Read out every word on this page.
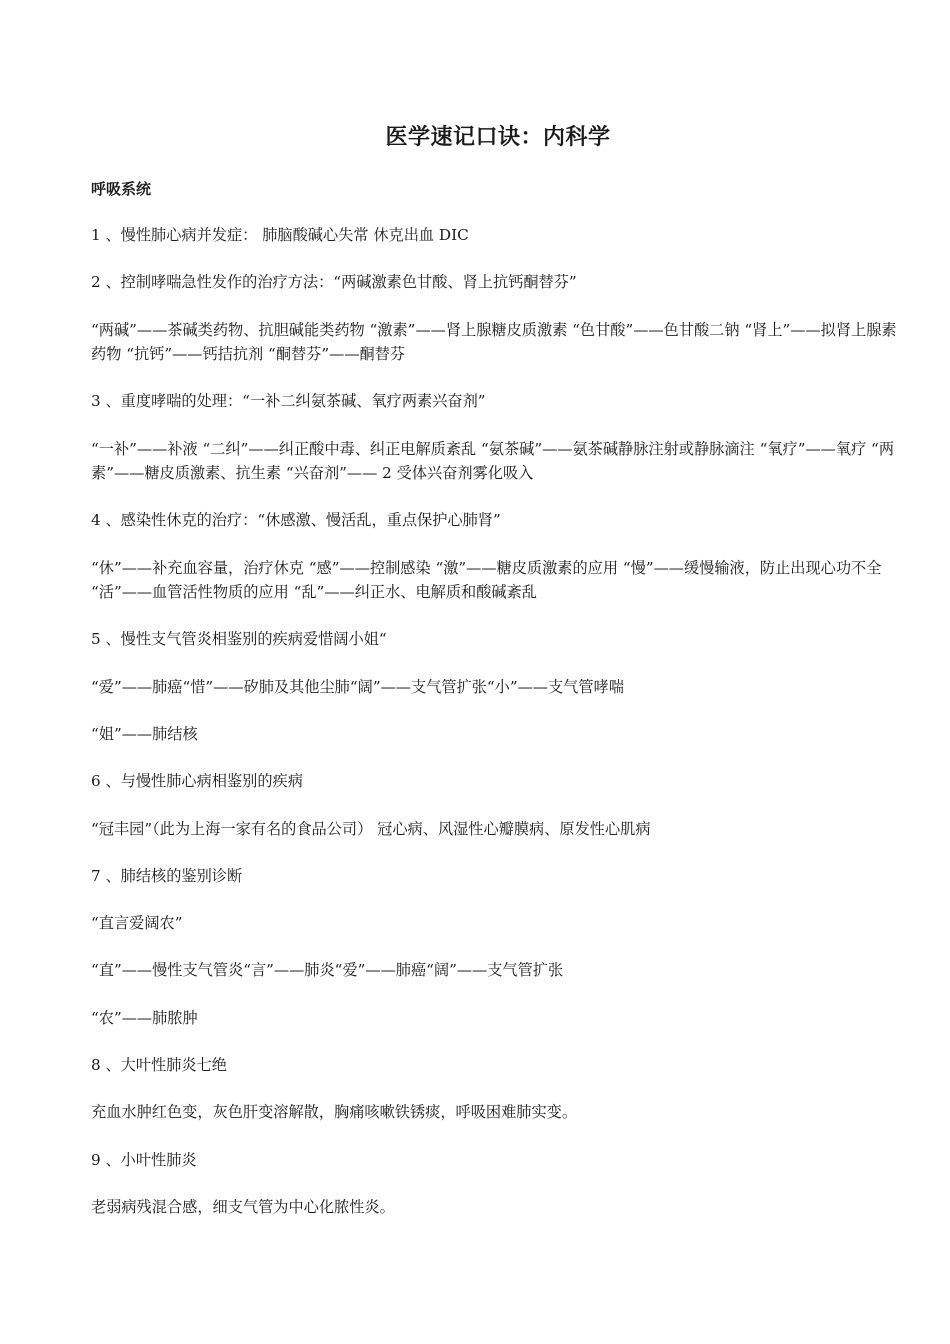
医学速记口诀：内科学
呼吸系统
1 、慢性肺心病并发症： 肺脑酸碱心失常 休克出血 DIC
2 、控制哮喘急性发作的治疗方法：“两碱激素色甘酸、肾上抗钙酮替芬”
“两碱”——茶碱类药物、抗胆碱能类药物 “激素”——肾上腺糖皮质激素 “色甘酸”——色甘酸二钠 “肾上”——拟肾上腺素药物 “抗钙”——钙拮抗剂 “酮替芬”——酮替芬
3 、重度哮喘的处理：“一补二纠氨茶碱、氧疗两素兴奋剂”
“一补”——补液 “二纠”——纠正酸中毒、纠正电解质紊乱 “氨茶碱”——氨茶碱静脉注射或静脉滴注 “氧疗”——氧疗 “两素”——糖皮质激素、抗生素 “兴奋剂”—— 2 受体兴奋剂雾化吸入
4 、感染性休克的治疗：“休感激、慢活乱，重点保护心肺肾”
“休”——补充血容量，治疗休克 “感”——控制感染 “激”——糖皮质激素的应用 “慢”——缓慢输液，防止出现心功不全 “活”——血管活性物质的应用 “乱”——纠正水、电解质和酸碱紊乱
5 、慢性支气管炎相鉴别的疾病爱惜阔小姐“
“爱”——肺癌“惜”——矽肺及其他尘肺“阔”——支气管扩张“小”——支气管哮喘
“姐”——肺结核
6 、与慢性肺心病相鉴别的疾病
“冠丰园”（此为上海一家有名的食品公司） 冠心病、风湿性心瓣膜病、原发性心肌病
7 、肺结核的鉴别诊断
“直言爱阔农”
“直”——慢性支气管炎“言”——肺炎“爱”——肺癌“阔”——支气管扩张
“农”——肺脓肿
8 、大叶性肺炎七绝
充血水肿红色变，灰色肝变溶解散，胸痛咳嗽铁锈痰，呼吸困难肺实变。
9 、小叶性肺炎
老弱病残混合感，细支气管为中心化脓性炎。
